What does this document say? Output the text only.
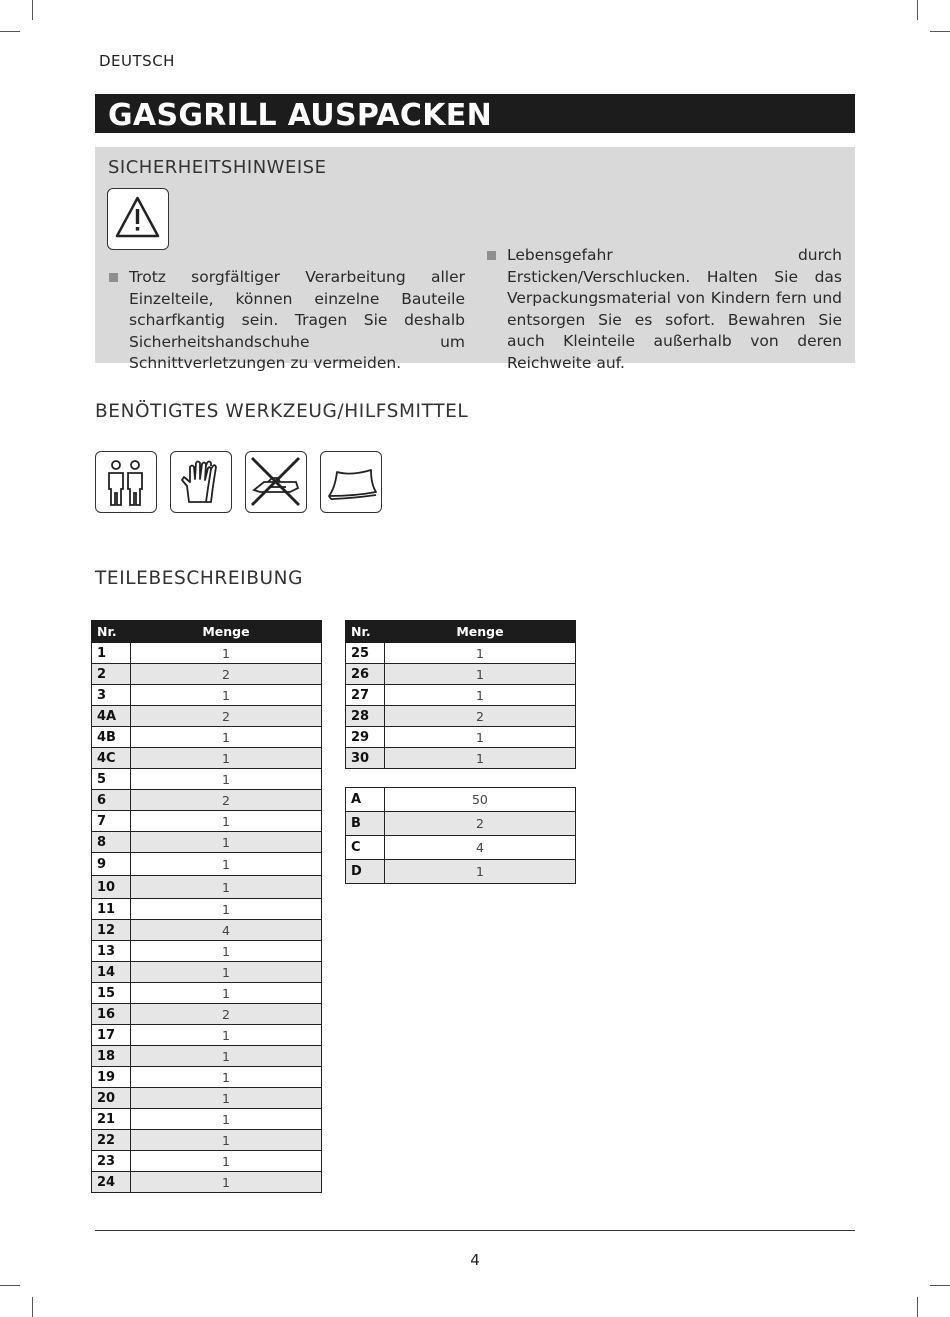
DEUTSCH
GASGRILL AUSPACKEN
SICHERHEITSHINWEISE
Trotz sorgfältiger Verarbeitung aller Einzelteile, können einzelne Bauteile scharfkantig sein. Tragen Sie deshalb Sicherheitshandschuhe um Schnittverletzungen zu vermeiden.
Lebensgefahr durch Ersticken/Verschlucken. Halten Sie das Verpackungsmaterial von Kindern fern und entsorgen Sie es sofort. Bewahren Sie auch Kleinteile außerhalb von deren Reichweite auf.
BENÖTIGTES WERKZEUG/HILFSMITTEL
TEILEBESCHREIBUNG
Nr.	Menge
1	1
2	2
3	1
4A	2
4B	1
4C	1
5	1
6	2
7	1
8	1
9	1
10	1
11	1
12	4
13	1
14	1
15	1
16	2
17	1
18	1
19	1
20	1
21	1
22	1
23	1
24	1
Nr.	Menge
25	1
26	1
27	1
28	2
29	1
30	1
A	50
B	2
C	4
D	1
4
